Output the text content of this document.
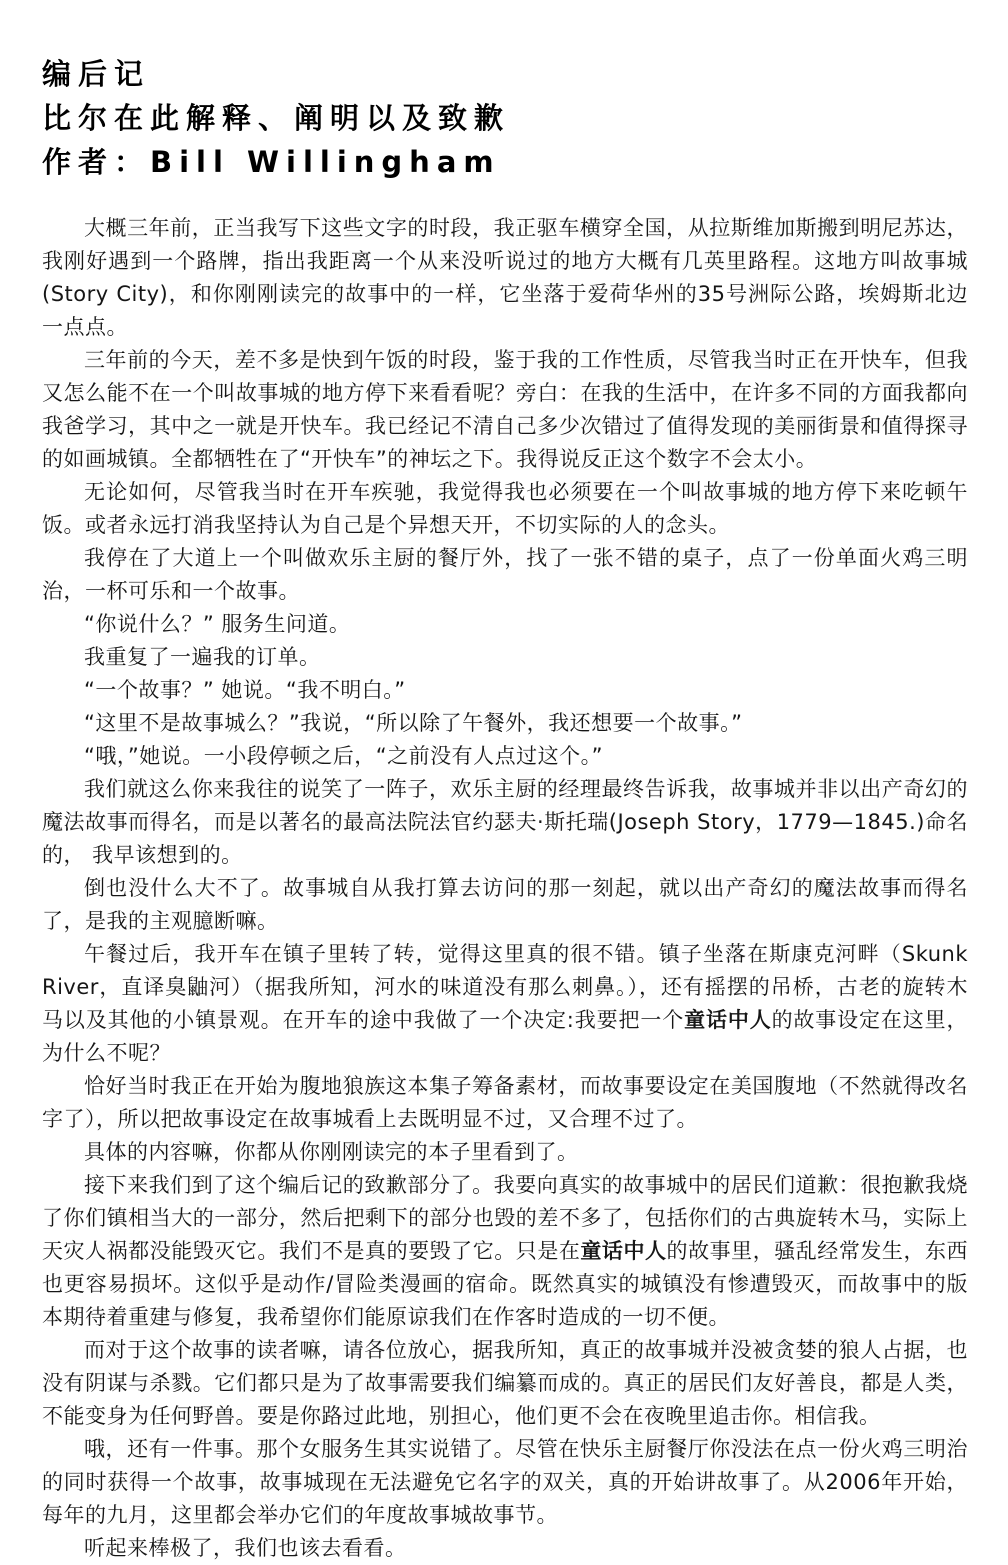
编后记
比尔在此解释、阐明以及致歉
作者：Bill Willingham

大概三年前，正当我写下这些文字的时段，我正驱车横穿全国，从拉斯维加斯搬到明尼苏达，我刚好遇到一个路牌，指出我距离一个从来没听说过的地方大概有几英里路程。这地方叫故事城(Story City)，和你刚刚读完的故事中的一样，它坐落于爱荷华州的35号洲际公路，埃姆斯北边一点点。

三年前的今天，差不多是快到午饭的时段，鉴于我的工作性质，尽管我当时正在开快车，但我又怎么能不在一个叫故事城的地方停下来看看呢？旁白：在我的生活中，在许多不同的方面我都向我爸学习，其中之一就是开快车。我已经记不清自己多少次错过了值得发现的美丽街景和值得探寻的如画城镇。全都牺牲在了“开快车”的神坛之下。我得说反正这个数字不会太小。

无论如何，尽管我当时在开车疾驰，我觉得我也必须要在一个叫故事城的地方停下来吃顿午饭。或者永远打消我坚持认为自己是个异想天开，不切实际的人的念头。

我停在了大道上一个叫做欢乐主厨的餐厅外，找了一张不错的桌子，点了一份单面火鸡三明治，一杯可乐和一个故事。

“你说什么？” 服务生问道。

我重复了一遍我的订单。

“一个故事？” 她说。“我不明白。”

“这里不是故事城么？”我说，“所以除了午餐外，我还想要一个故事。”

“哦，”她说。一小段停顿之后，“之前没有人点过这个。”

我们就这么你来我往的说笑了一阵子，欢乐主厨的经理最终告诉我，故事城并非以出产奇幻的魔法故事而得名，而是以著名的最高法院法官约瑟夫·斯托瑞(Joseph Story，1779—1845.)命名的， 我早该想到的。

倒也没什么大不了。故事城自从我打算去访问的那一刻起，就以出产奇幻的魔法故事而得名了，是我的主观臆断嘛。

午餐过后，我开车在镇子里转了转，觉得这里真的很不错。镇子坐落在斯康克河畔（Skunk River，直译臭鼬河）（据我所知，河水的味道没有那么刺鼻。），还有摇摆的吊桥，古老的旋转木马以及其他的小镇景观。在开车的途中我做了一个决定:我要把一个童话中人的故事设定在这里，为什么不呢？

恰好当时我正在开始为腹地狼族这本集子筹备素材，而故事要设定在美国腹地（不然就得改名字了），所以把故事设定在故事城看上去既明显不过，又合理不过了。

具体的内容嘛，你都从你刚刚读完的本子里看到了。

接下来我们到了这个编后记的致歉部分了。我要向真实的故事城中的居民们道歉：很抱歉我烧了你们镇相当大的一部分，然后把剩下的部分也毁的差不多了，包括你们的古典旋转木马，实际上天灾人祸都没能毁灭它。我们不是真的要毁了它。只是在童话中人的故事里，骚乱经常发生，东西也更容易损坏。这似乎是动作/冒险类漫画的宿命。既然真实的城镇没有惨遭毁灭，而故事中的版本期待着重建与修复，我希望你们能原谅我们在作客时造成的一切不便。

而对于这个故事的读者嘛，请各位放心，据我所知，真正的故事城并没被贪婪的狼人占据，也没有阴谋与杀戮。它们都只是为了故事需要我们编纂而成的。真正的居民们友好善良，都是人类，不能变身为任何野兽。要是你路过此地，别担心，他们更不会在夜晚里追击你。相信我。

哦，还有一件事。那个女服务生其实说错了。尽管在快乐主厨餐厅你没法在点一份火鸡三明治的同时获得一个故事，故事城现在无法避免它名字的双关，真的开始讲故事了。从2006年开始，每年的九月，这里都会举办它们的年度故事城故事节。

听起来棒极了，我们也该去看看。
